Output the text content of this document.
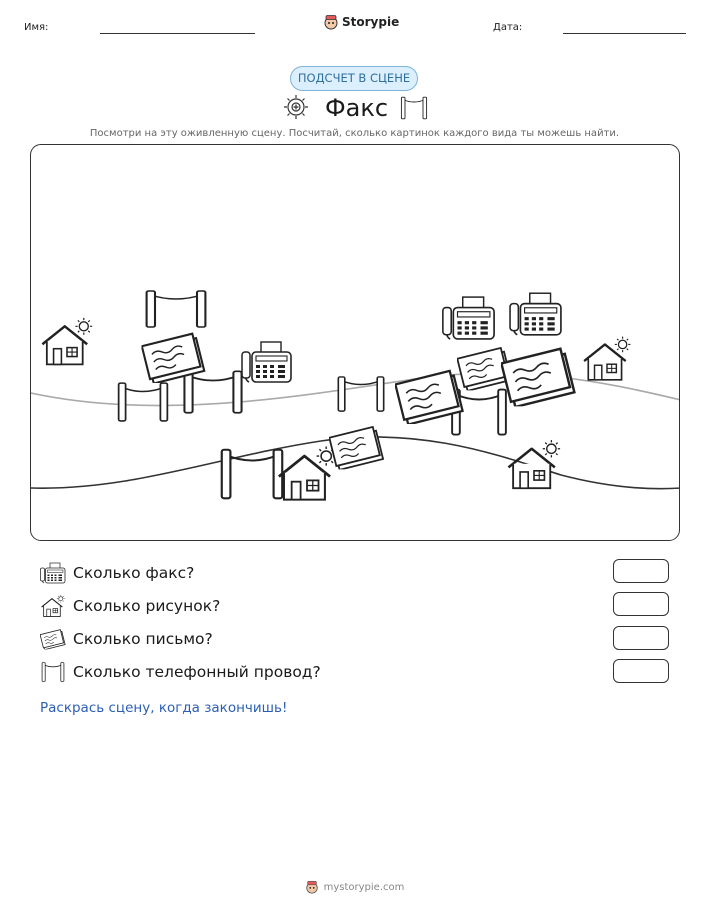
Имя:	Storypie	Дата:
ПОДСЧЕТ В СЦЕНЕ
Факс
Посмотри на эту оживленную сцену. Посчитай, сколько картинок каждого вида ты можешь найти.
Сколько факс?
Сколько рисунок?
Сколько письмо?
Сколько телефонный провод?
Раскрась сцену, когда закончишь!
mystorypie.com
